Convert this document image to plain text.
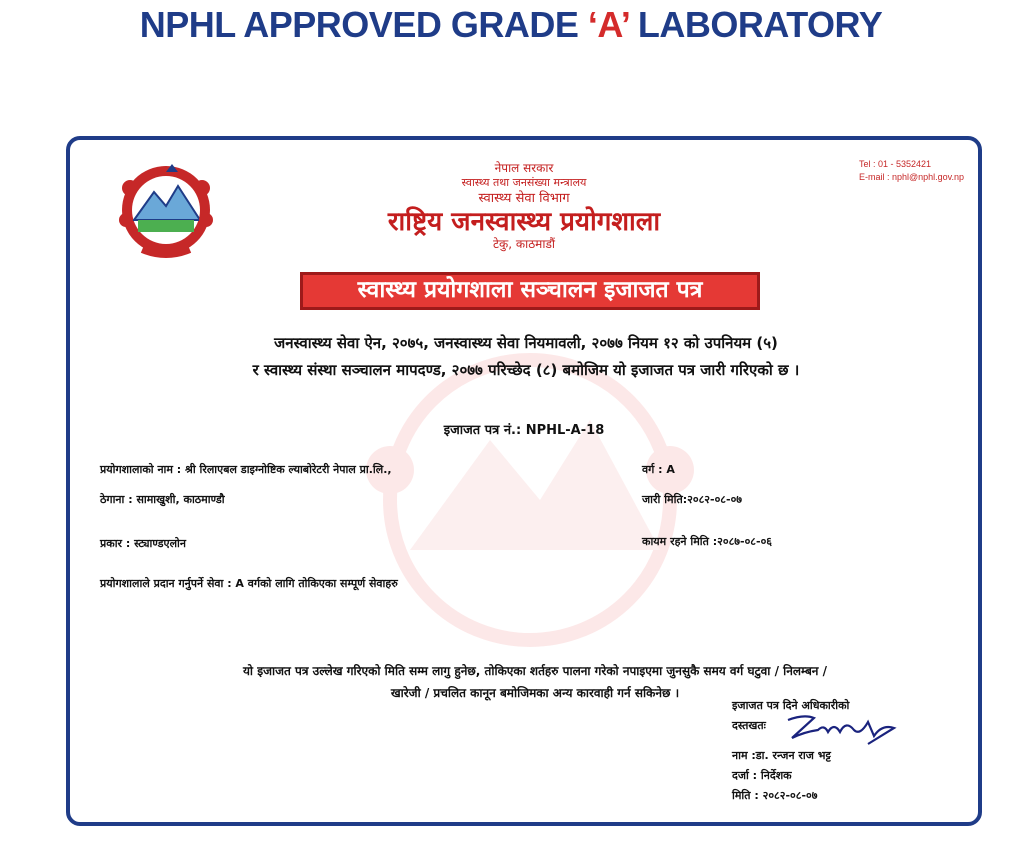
NPHL APPROVED GRADE ‘A’ LABORATORY
Tel : 01 - 5352421
E-mail : nphl@nphl.gov.np
नेपाल सरकार
स्वास्थ्य तथा जनसंख्या मन्त्रालय
स्वास्थ्य सेवा विभाग
राष्ट्रिय जनस्वास्थ्य प्रयोगशाला
टेकु, काठमाडौं
स्वास्थ्य प्रयोगशाला सञ्चालन इजाजत पत्र
जनस्वास्थ्य सेवा ऐन, २०७५, जनस्वास्थ्य सेवा नियमावली, २०७७ नियम १२ को उपनियम (५)
र स्वास्थ्य संस्था सञ्चालन मापदण्ड, २०७७ परिच्छेद (८) बमोजिम यो इजाजत पत्र जारी गरिएको छ ।
इजाजत पत्र नं.: NPHL-A-18
प्रयोगशालाको नाम : श्री रिलाएबल डाइग्नोष्टिक ल्याबोरेटरी नेपाल प्रा.लि.,	वर्ग : A
ठेगाना : सामाखुशी, काठमाण्डौ	जारी मिति:२०८२-०८-०७
प्रकार : स्ट्याण्डएलोन	कायम रहने मिति :२०८७-०८-०६
प्रयोगशालाले प्रदान गर्नुपर्ने सेवा : A वर्गको लागि तोकिएका सम्पूर्ण सेवाहरु
यो इजाजत पत्र उल्लेख गरिएको मिति सम्म लागु हुनेछ, तोकिएका शर्तहरु पालना गरेको नपाइएमा जुनसुकै समय वर्ग घटुवा / निलम्बन /
खारेजी / प्रचलित कानून बमोजिमका अन्य कारवाही गर्न सकिनेछ ।
इजाजत पत्र दिने अधिकारीको
दस्तखतः
नाम :डा. रन्जन राज भट्ट
दर्जा : निर्देशक
मिति : २०८२-०८-०७
